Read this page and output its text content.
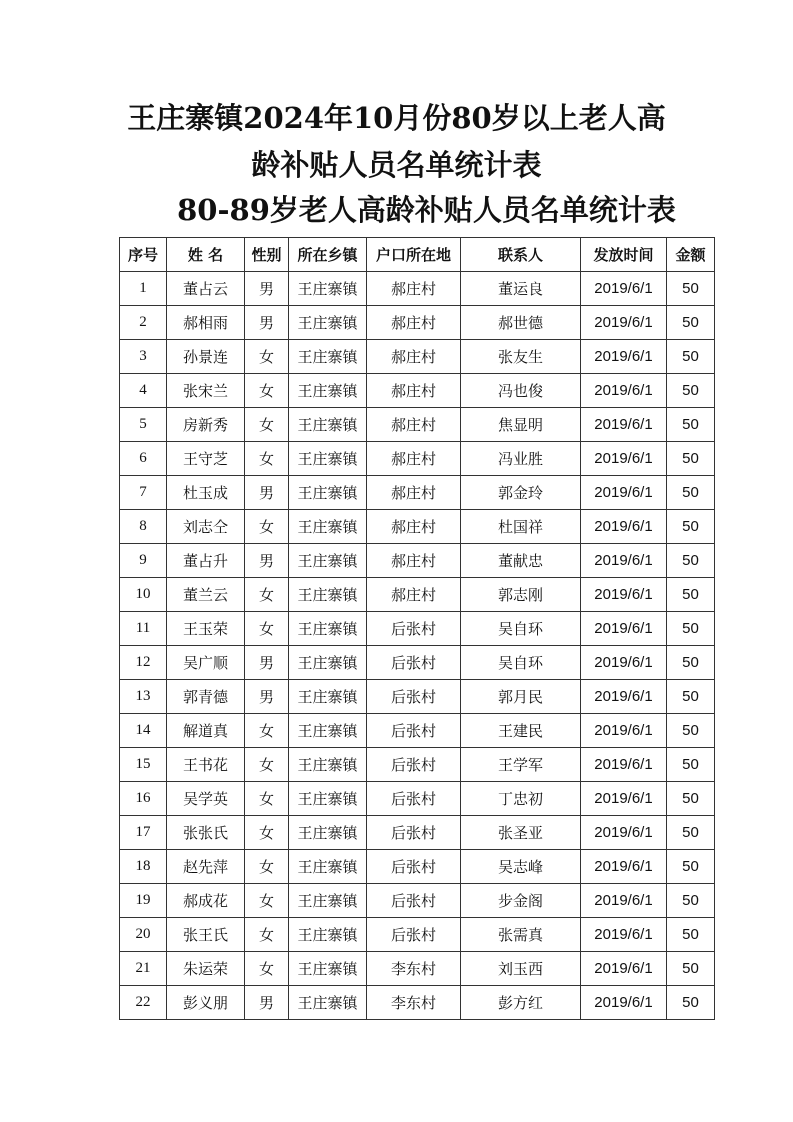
王庄寨镇2024年10月份80岁以上老人高
龄补贴人员名单统计表
80-89岁老人高龄补贴人员名单统计表
序号	姓 名	性别	所在乡镇	户口所在地	联系人	发放时间	金额
1	董占云	男	王庄寨镇	郝庄村	董运良	2019/6/1	50
2	郝相雨	男	王庄寨镇	郝庄村	郝世德	2019/6/1	50
3	孙景连	女	王庄寨镇	郝庄村	张友生	2019/6/1	50
4	张宋兰	女	王庄寨镇	郝庄村	冯也俊	2019/6/1	50
5	房新秀	女	王庄寨镇	郝庄村	焦显明	2019/6/1	50
6	王守芝	女	王庄寨镇	郝庄村	冯业胜	2019/6/1	50
7	杜玉成	男	王庄寨镇	郝庄村	郭金玲	2019/6/1	50
8	刘志仝	女	王庄寨镇	郝庄村	杜国祥	2019/6/1	50
9	董占升	男	王庄寨镇	郝庄村	董献忠	2019/6/1	50
10	董兰云	女	王庄寨镇	郝庄村	郭志刚	2019/6/1	50
11	王玉荣	女	王庄寨镇	后张村	吴自环	2019/6/1	50
12	吴广顺	男	王庄寨镇	后张村	吴自环	2019/6/1	50
13	郭青德	男	王庄寨镇	后张村	郭月民	2019/6/1	50
14	解道真	女	王庄寨镇	后张村	王建民	2019/6/1	50
15	王书花	女	王庄寨镇	后张村	王学军	2019/6/1	50
16	吴学英	女	王庄寨镇	后张村	丁忠初	2019/6/1	50
17	张张氏	女	王庄寨镇	后张村	张圣亚	2019/6/1	50
18	赵先萍	女	王庄寨镇	后张村	吴志峰	2019/6/1	50
19	郝成花	女	王庄寨镇	后张村	步金阁	2019/6/1	50
20	张王氏	女	王庄寨镇	后张村	张需真	2019/6/1	50
21	朱运荣	女	王庄寨镇	李东村	刘玉西	2019/6/1	50
22	彭义朋	男	王庄寨镇	李东村	彭方红	2019/6/1	50
